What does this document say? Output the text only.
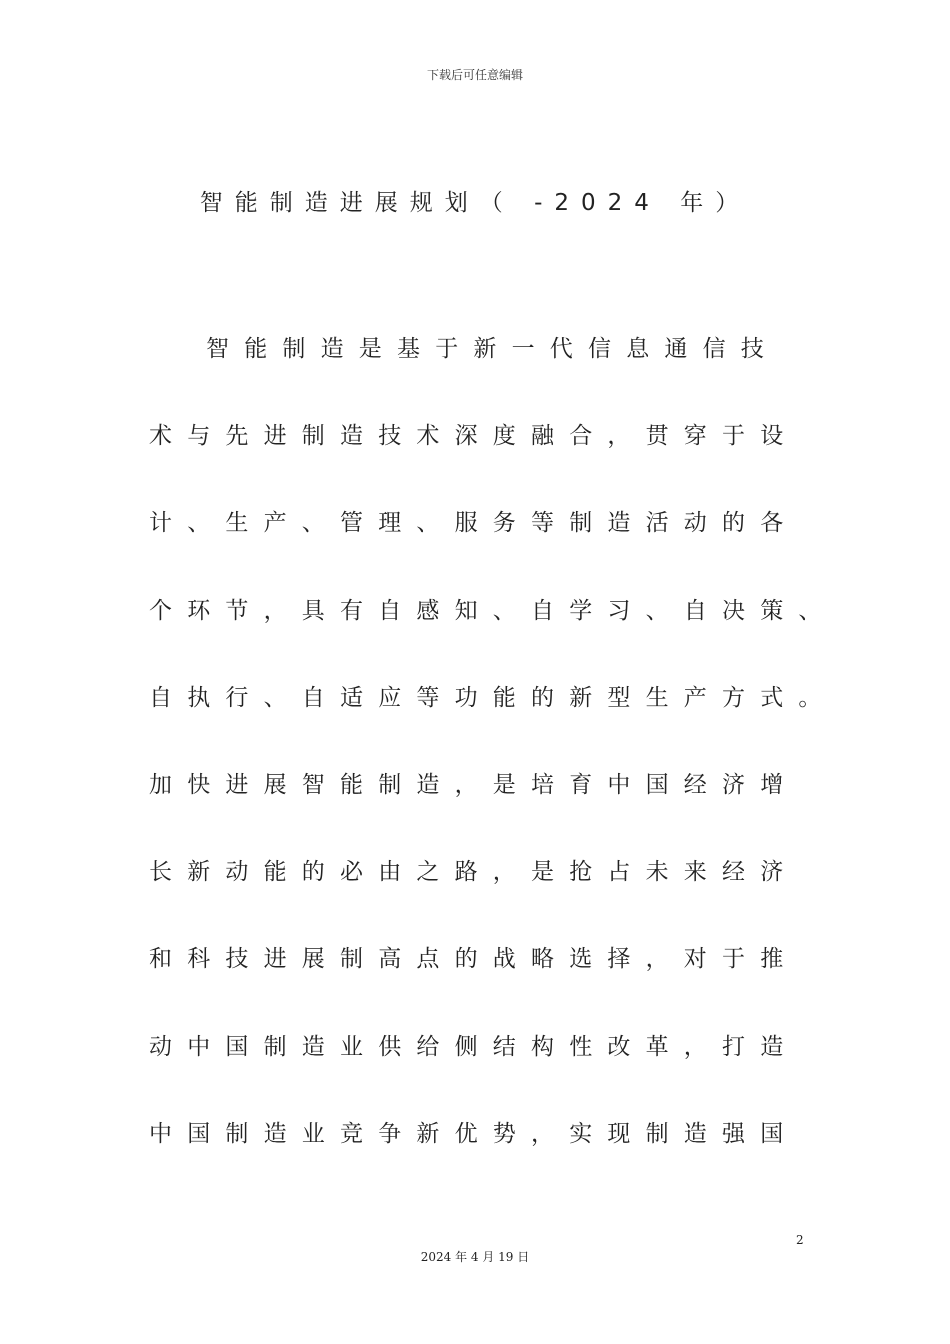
下载后可任意编辑
智能制造进展规划（ -2024 年）
智能制造是基于新一代信息通信技
术与先进制造技术深度融合，贯穿于设
计、生产、管理、服务等制造活动的各
个环节，具有自感知、自学习、自决策、
自执行、自适应等功能的新型生产方式。
加快进展智能制造，是培育中国经济增
长新动能的必由之路，是抢占未来经济
和科技进展制高点的战略选择，对于推
动中国制造业供给侧结构性改革，打造
中国制造业竞争新优势，实现制造强国
2
2024 年 4 月 19 日
